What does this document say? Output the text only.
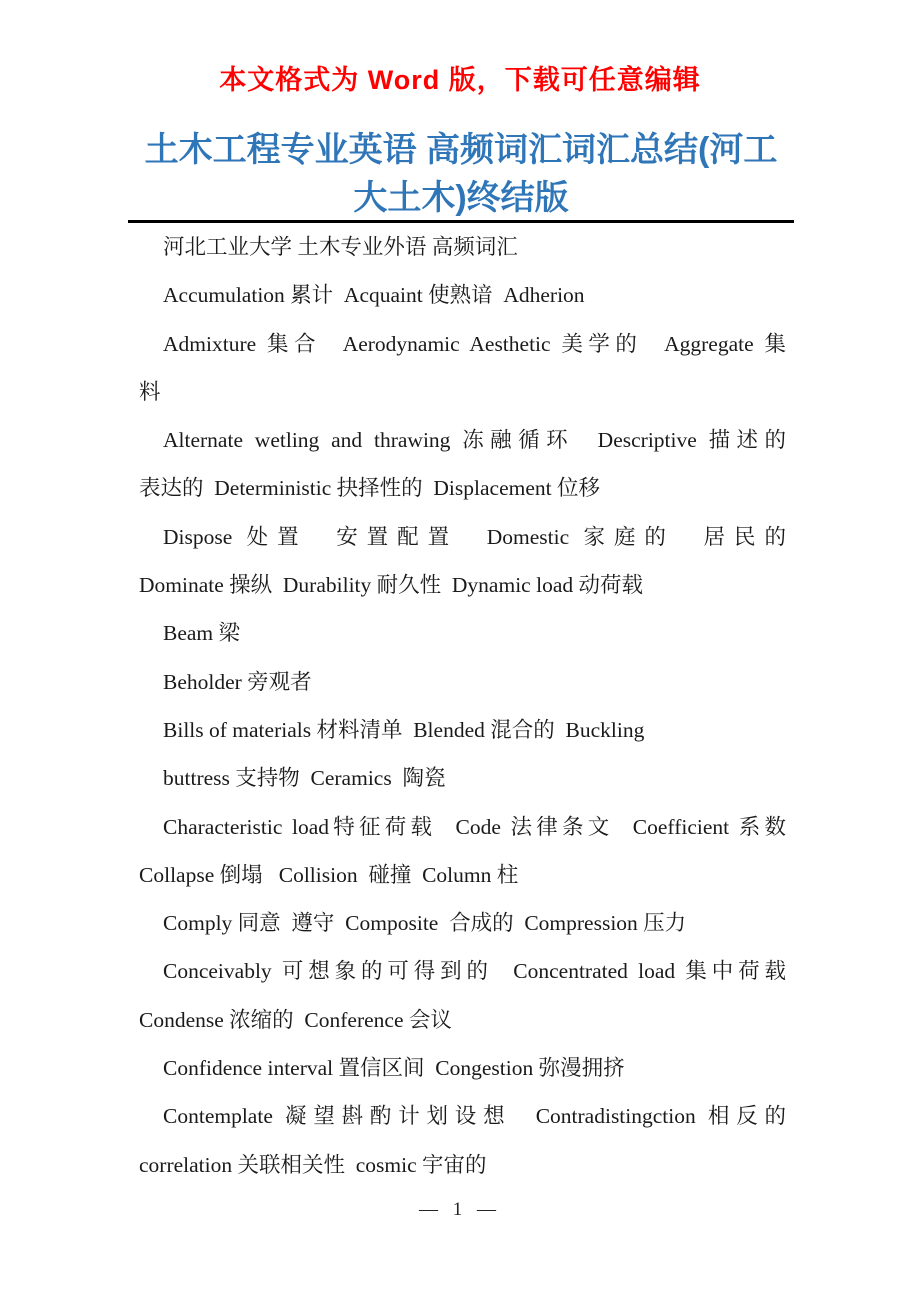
本文格式为 Word 版，下载可任意编辑
土木工程专业英语 高频词汇词汇总结(河工
大土木)终结版
河北工业大学 土木专业外语 高频词汇
Accumulation 累计  Acquaint 使熟谙  Adherion
Admixture 集合  Aerodynamic Aesthetic 美学的  Aggregate 集
料
Alternate wetling and thrawing 冻融循环  Descriptive 描述的
表达的  Deterministic 抉择性的  Displacement 位移
Dispose 处置  安置配置  Domestic 家庭的  居民的
Dominate 操纵  Durability 耐久性  Dynamic load 动荷载
Beam 梁
Beholder 旁观者
Bills of materials 材料清单  Blended 混合的  Buckling
buttress 支持物  Ceramics  陶瓷
Characteristic load特征荷载  Code 法律条文  Coefficient 系数
Collapse 倒塌   Collision  碰撞  Column 柱
Comply 同意  遵守  Composite  合成的  Compression 压力
Conceivably 可想象的可得到的  Concentrated load 集中荷载
Condense 浓缩的  Conference 会议
Confidence interval 置信区间  Congestion 弥漫拥挤
Contemplate 凝望斟酌计划设想  Contradistingction 相反的
correlation 关联相关性  cosmic 宇宙的
— 1 —
